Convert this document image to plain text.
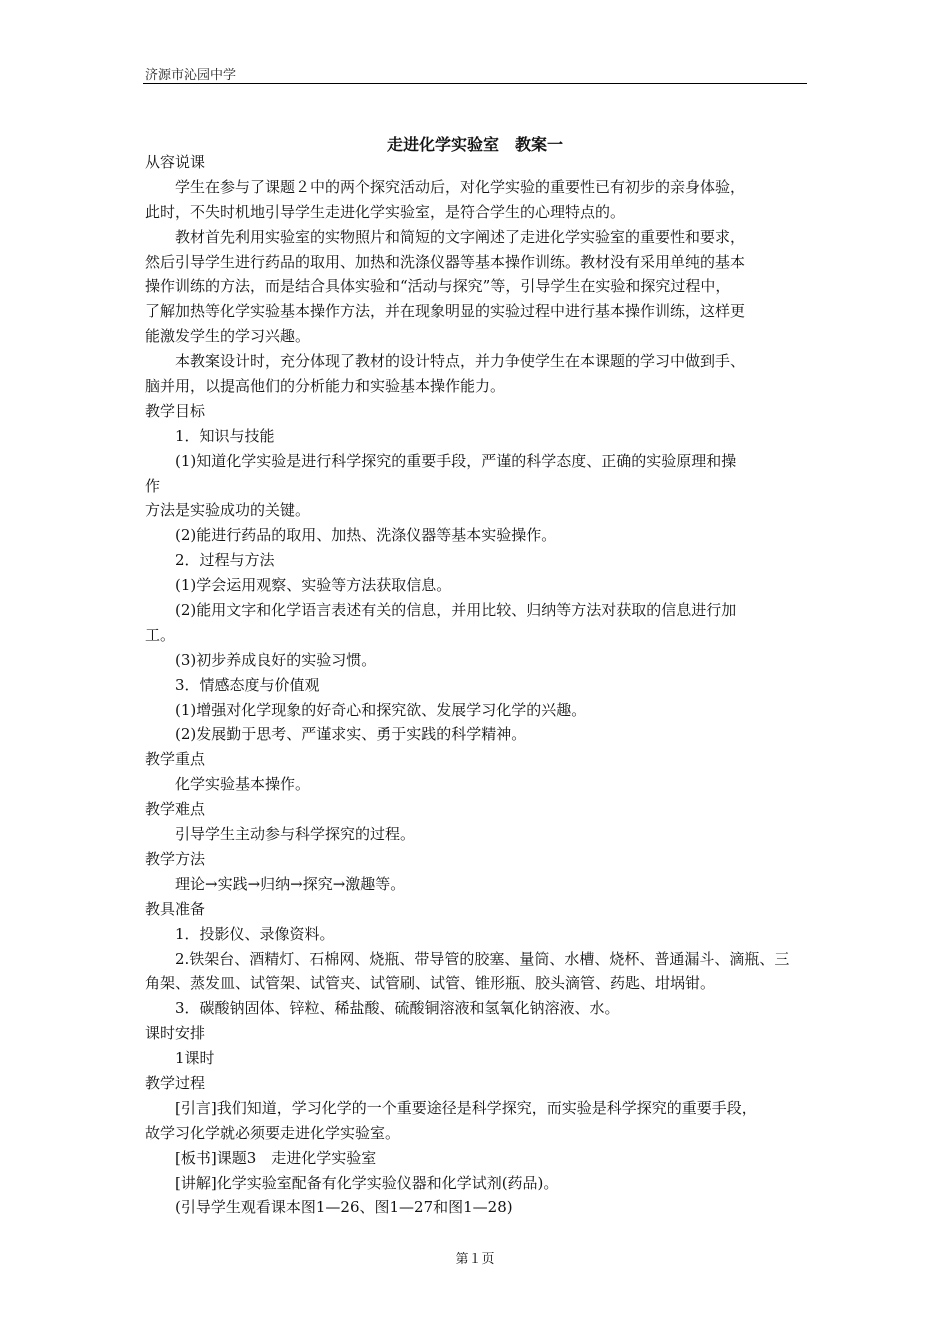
济源市沁园中学
走进化学实验室　教案一
从容说课
学生在参与了课题２中的两个探究活动后，对化学实验的重要性已有初步的亲身体验，
此时，不失时机地引导学生走进化学实验室，是符合学生的心理特点的。
教材首先利用实验室的实物照片和简短的文字阐述了走进化学实验室的重要性和要求，
然后引导学生进行药品的取用、加热和洗涤仪器等基本操作训练。教材没有采用单纯的基本
操作训练的方法，而是结合具体实验和“活动与探究”等，引导学生在实验和探究过程中，
了解加热等化学实验基本操作方法，并在现象明显的实验过程中进行基本操作训练，这样更
能激发学生的学习兴趣。
本教案设计时，充分体现了教材的设计特点，并力争使学生在本课题的学习中做到手、
脑并用，以提高他们的分析能力和实验基本操作能力。
教学目标
1．知识与技能
(1)知道化学实验是进行科学探究的重要手段，严谨的科学态度、正确的实验原理和操
作
方法是实验成功的关键。
(2)能进行药品的取用、加热、洗涤仪器等基本实验操作。
2．过程与方法
(1)学会运用观察、实验等方法获取信息。
(2)能用文字和化学语言表述有关的信息，并用比较、归纳等方法对获取的信息进行加
工。
(3)初步养成良好的实验习惯。
3．情感态度与价值观
(1)增强对化学现象的好奇心和探究欲、发展学习化学的兴趣。
(2)发展勤于思考、严谨求实、勇于实践的科学精神。
教学重点
化学实验基本操作。
教学难点
引导学生主动参与科学探究的过程。
教学方法
理论→实践→归纳→探究→激趣等。
教具准备
1．投影仪、录像资料。
2.铁架台、酒精灯、石棉网、烧瓶、带导管的胶塞、量筒、水槽、烧杯、普通漏斗、滴瓶、三
角架、蒸发皿、试管架、试管夹、试管刷、试管、锥形瓶、胶头滴管、药匙、坩埚钳。
3．碳酸钠固体、锌粒、稀盐酸、硫酸铜溶液和氢氧化钠溶液、水。
课时安排
1课时
教学过程
[引言]我们知道，学习化学的一个重要途径是科学探究，而实验是科学探究的重要手段，
故学习化学就必须要走进化学实验室。
[板书]课题3　走进化学实验室
[讲解]化学实验室配备有化学实验仪器和化学试剂(药品)。
(引导学生观看课本图1—26、图1—27和图1—28)
第１页
